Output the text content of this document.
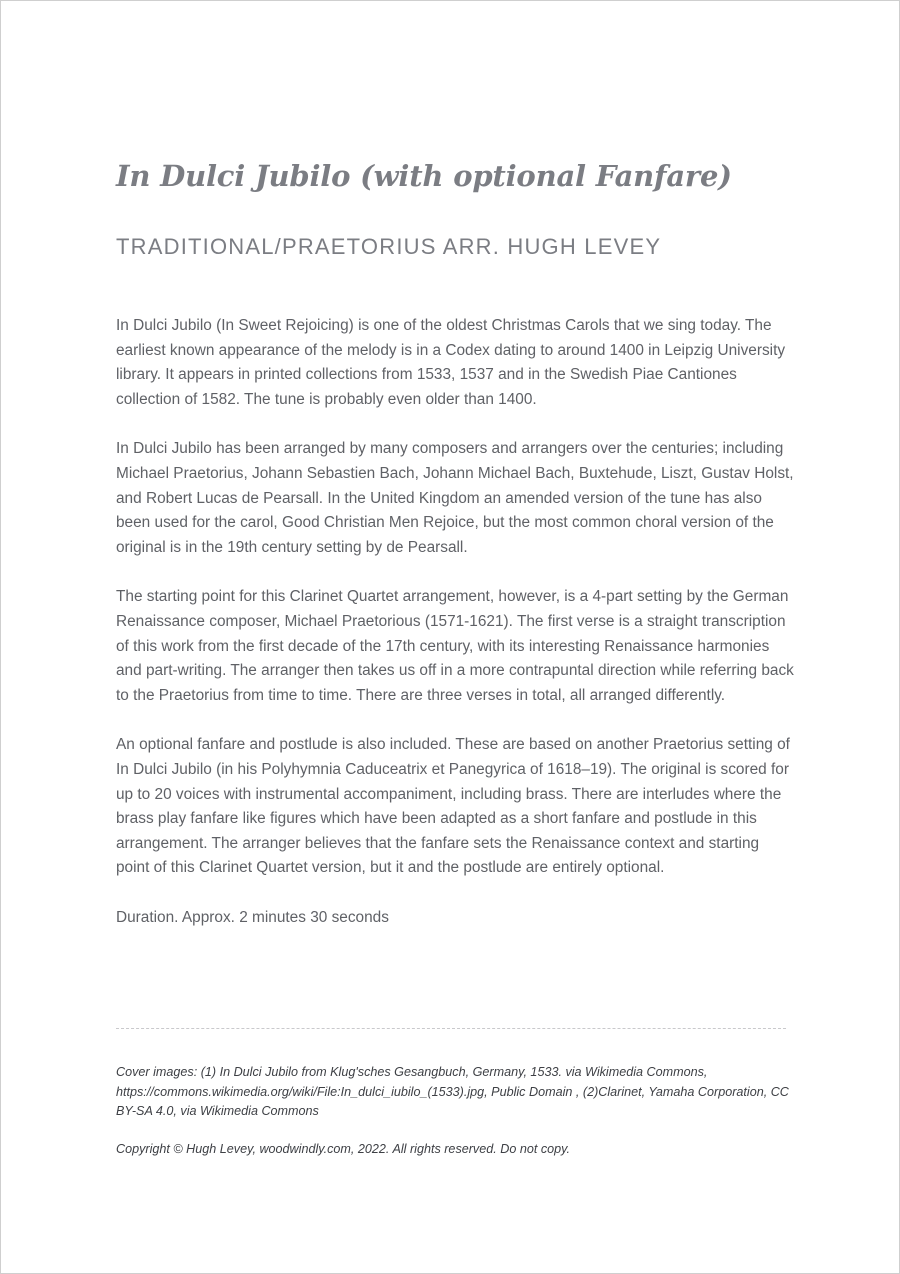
In Dulci Jubilo (with optional Fanfare)
TRADITIONAL/PRAETORIUS ARR. HUGH LEVEY

In Dulci Jubilo (In Sweet Rejoicing) is one of the oldest Christmas Carols that we sing today. The earliest known appearance of the melody is in a Codex dating to around 1400 in Leipzig University library. It appears in printed collections from 1533, 1537 and in the Swedish Piae Cantiones collection of 1582. The tune is probably even older than 1400.

In Dulci Jubilo has been arranged by many composers and arrangers over the centuries; including Michael Praetorius, Johann Sebastien Bach, Johann Michael Bach, Buxtehude, Liszt, Gustav Holst, and Robert Lucas de Pearsall. In the United Kingdom an amended version of the tune has also been used for the carol, Good Christian Men Rejoice, but the most common choral version of the original is in the 19th century setting by de Pearsall.

The starting point for this Clarinet Quartet arrangement, however, is a 4-part setting by the German Renaissance composer, Michael Praetorious (1571-1621). The first verse is a straight transcription of this work from the first decade of the 17th century, with its interesting Renaissance harmonies and part-writing. The arranger then takes us off in a more contrapuntal direction while referring back to the Praetorius from time to time. There are three verses in total, all arranged differently.

An optional fanfare and postlude is also included. These are based on another Praetorius setting of In Dulci Jubilo (in his Polyhymnia Caduceatrix et Panegyrica of 1618–19). The original is scored for up to 20 voices with instrumental accompaniment, including brass. There are interludes where the brass play fanfare like figures which have been adapted as a short fanfare and postlude in this arrangement. The arranger believes that the fanfare sets the Renaissance context and starting point of this Clarinet Quartet version, but it and the postlude are entirely optional.

Duration. Approx. 2 minutes 30 seconds

Cover images: (1) In Dulci Jubilo from Klug'sches Gesangbuch, Germany, 1533. via Wikimedia Commons, https://commons.wikimedia.org/wiki/File:In_dulci_iubilo_(1533).jpg, Public Domain , (2)Clarinet, Yamaha Corporation, CC BY-SA 4.0, via Wikimedia Commons
Copyright © Hugh Levey, woodwindly.com, 2022. All rights reserved. Do not copy.
